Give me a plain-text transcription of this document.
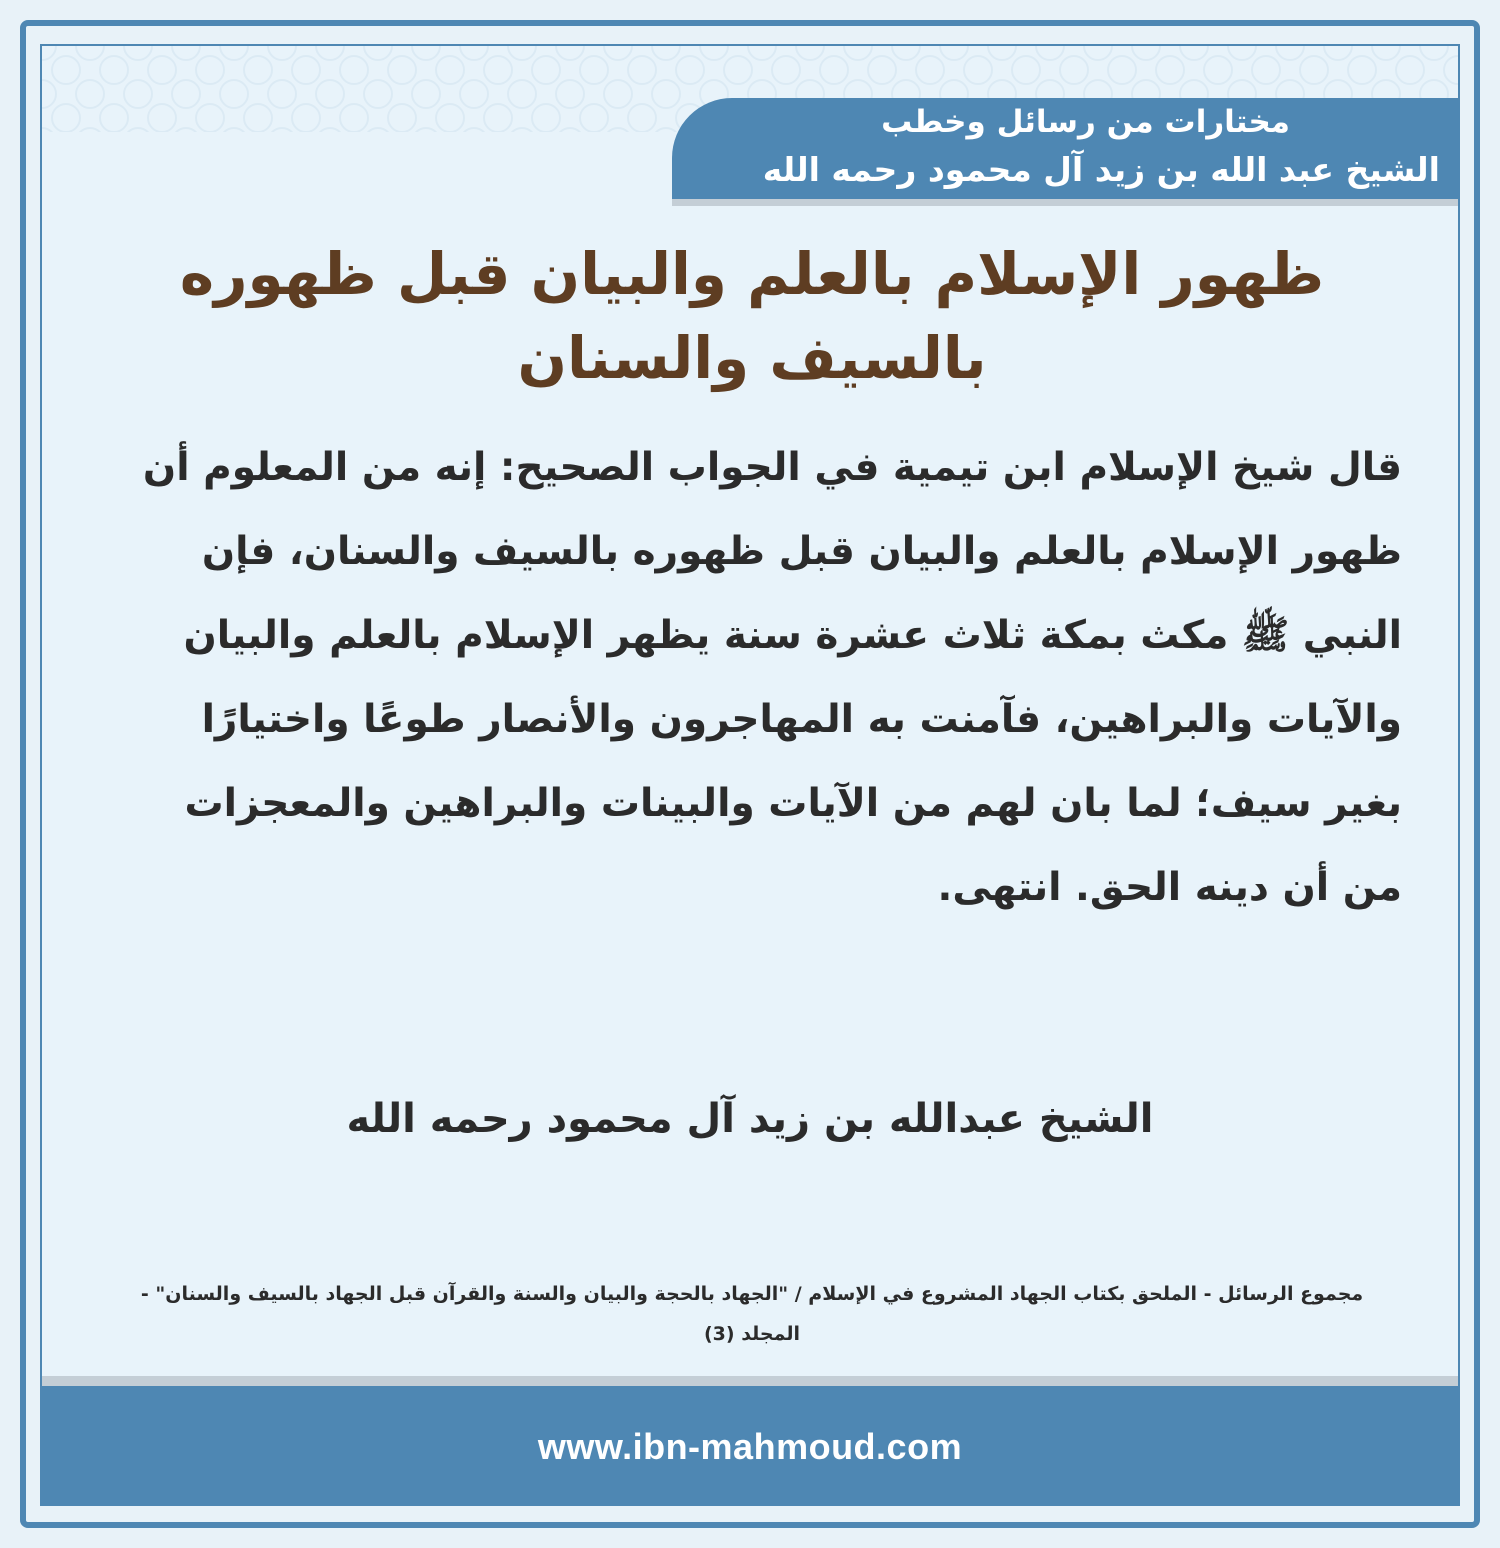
مختارات من رسائل وخطب
الشيخ عبد الله بن زيد آل محمود رحمه الله
ظهور الإسلام بالعلم والبيان قبل ظهوره بالسيف والسنان
قال شيخ الإسلام ابن تيمية في الجواب الصحيح: إنه من المعلوم أن ظهور الإسلام بالعلم والبيان قبل ظهوره بالسيف والسنان، فإن النبي ﷺ مكث بمكة ثلاث عشرة سنة يظهر الإسلام بالعلم والبيان والآيات والبراهين، فآمنت به المهاجرون والأنصار طوعًا واختيارًا بغير سيف؛ لما بان لهم من الآيات والبينات والبراهين والمعجزات من أن دينه الحق. انتهى.
الشيخ عبدالله بن زيد آل محمود رحمه الله
مجموع الرسائل - الملحق بكتاب الجهاد المشروع في الإسلام / "الجهاد بالحجة والبيان والسنة والقرآن قبل الجهاد بالسيف والسنان" - المجلد (3)
www.ibn-mahmoud.com
